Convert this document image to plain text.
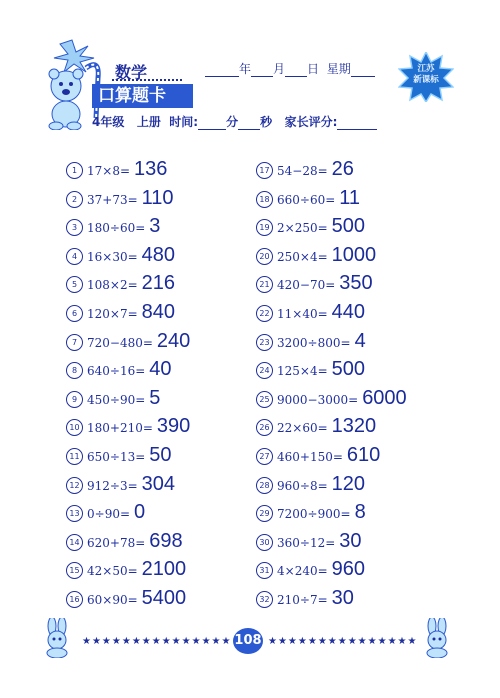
数学
口算题卡
年 月 日 星期
4年级 上册 时间: 分 秒 家长评分:
江苏
新课标
1 17×8= 136
2 37+73= 110
3 180÷60= 3
4 16×30= 480
5 108×2= 216
6 120×7= 840
7 720−480= 240
8 640÷16= 40
9 450÷90= 5
10 180+210= 390
11 650÷13= 50
12 912÷3= 304
13 0÷90= 0
14 620+78= 698
15 42×50= 2100
16 60×90= 5400
17 54−28= 26
18 660÷60= 11
19 2×250= 500
20 250×4= 1000
21 420−70= 350
22 11×40= 440
23 3200÷800= 4
24 125×4= 500
25 9000−3000= 6000
26 22×60= 1320
27 460+150= 610
28 960÷8= 120
29 7200÷900= 8
30 360÷12= 30
31 4×240= 960
32 210÷7= 30
★★★★★★★★★★★★★★★ 108 ★★★★★★★★★★★★★★★
